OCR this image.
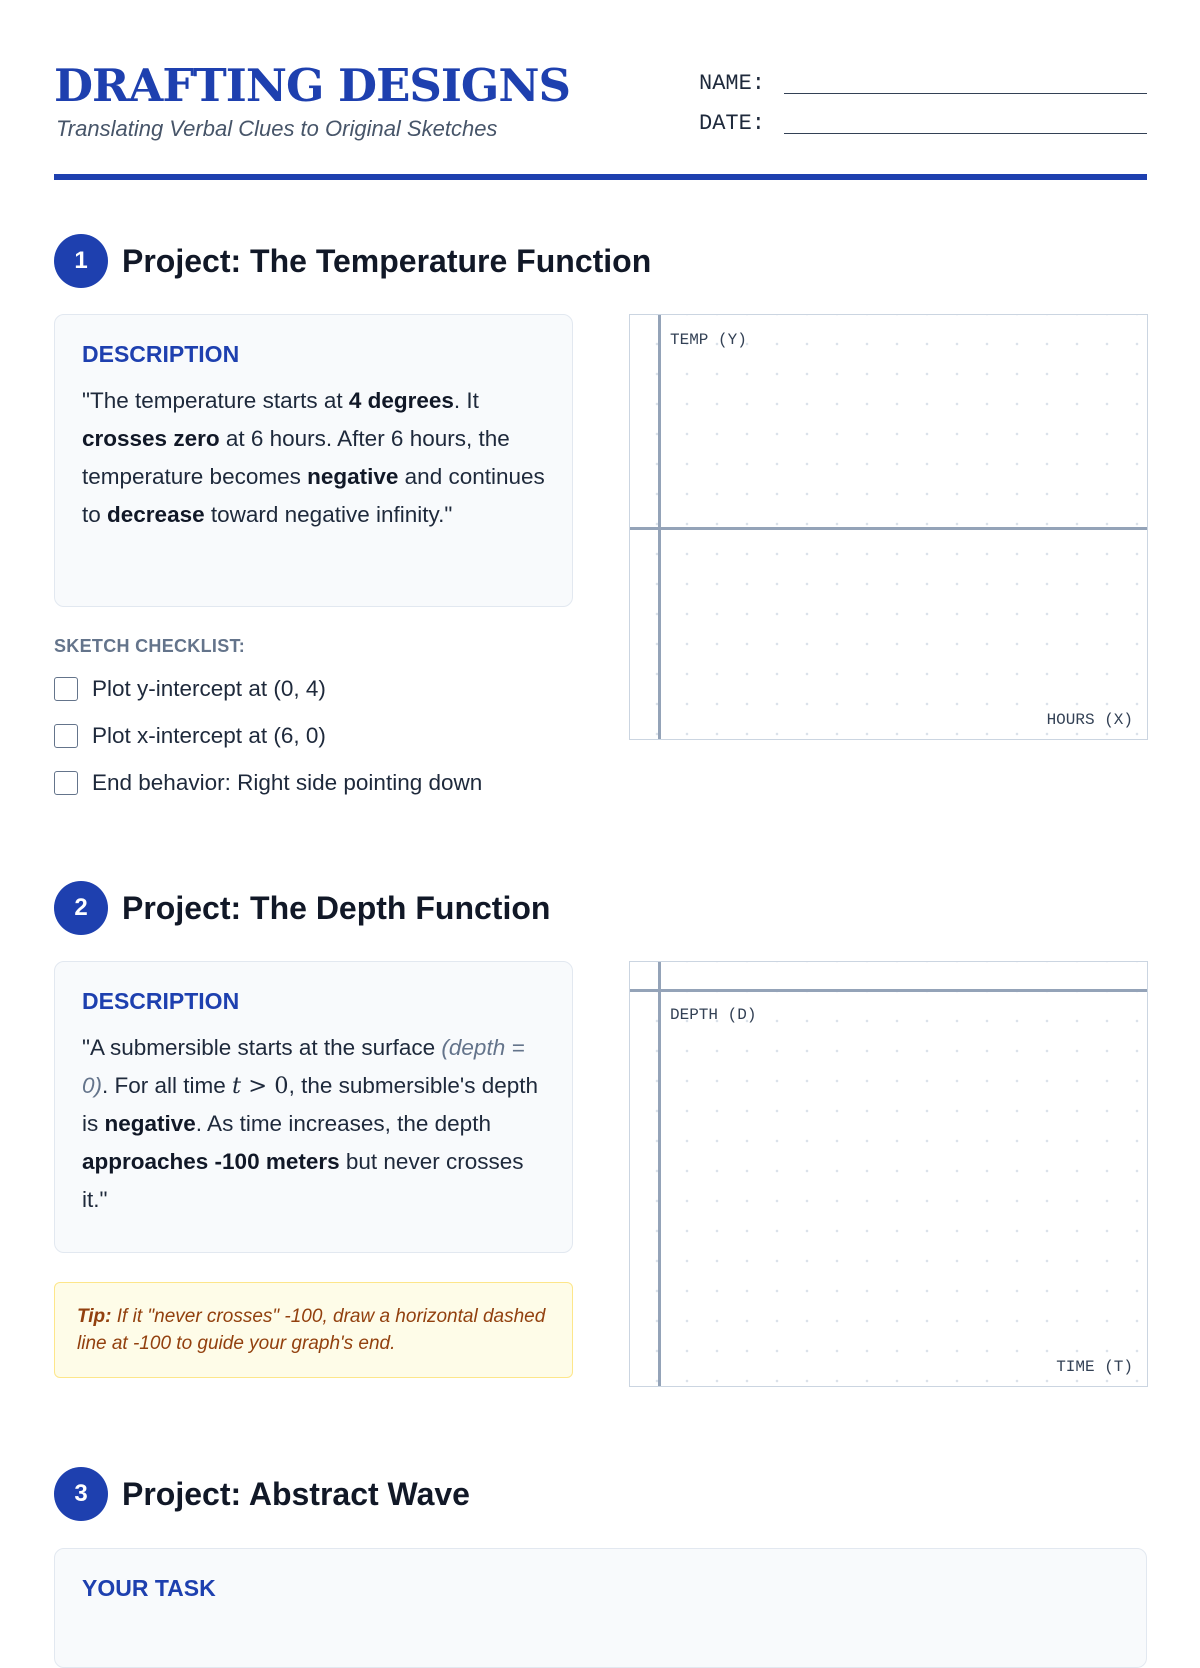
DRAFTING DESIGNS
Translating Verbal Clues to Original Sketches
NAME:
DATE:
1	Project: The Temperature Function
DESCRIPTION

"The temperature starts at 4 degrees. It crosses zero at 6 hours. After 6 hours, the temperature becomes negative and continues to decrease toward negative infinity."

SKETCH CHECKLIST:
Plot y-intercept at (0, 4)
Plot x-intercept at (6, 0)
End behavior: Right side pointing down
TEMP (Y)
HOURS (X)
2	Project: The Depth Function
DESCRIPTION

"A submersible starts at the surface (depth = 0). For all time t > 0, the submersible's depth is negative. As time increases, the depth approaches -100 meters but never crosses it."

Tip: If it "never crosses" -100, draw a horizontal dashed line at -100 to guide your graph's end.
DEPTH (D)
TIME (T)
3	Project: Abstract Wave
YOUR TASK
